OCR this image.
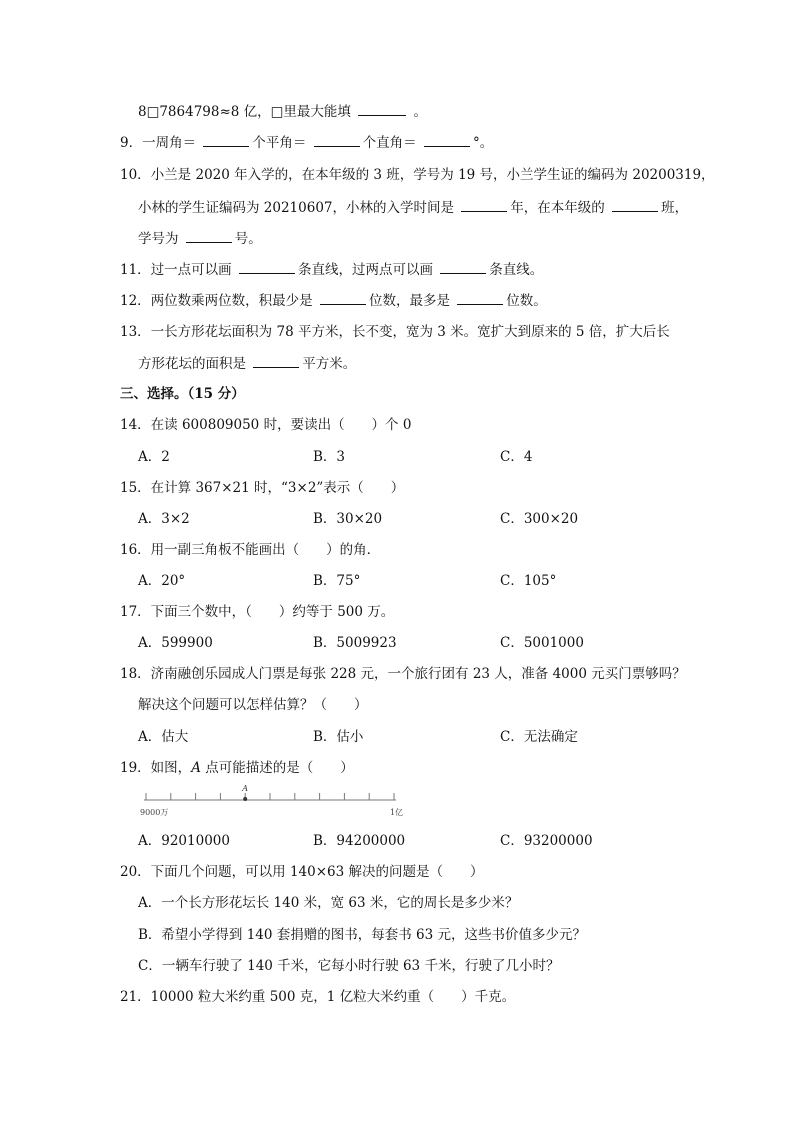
8□7864798≈8 亿，□里最大能填	。
9．一周角＝	个平角＝	个直角＝	°。
10．小兰是 2020 年入学的，在本年级的 3 班，学号为 19 号，小兰学生证的编码为 20200319，
小林的学生证编码为 20210607，小林的入学时间是	年，在本年级的	班，
学号为	号。
11．过一点可以画	条直线，过两点可以画	条直线。
12．两位数乘两位数，积最少是	位数，最多是	位数。
13．一长方形花坛面积为 78 平方米，长不变，宽为 3 米。宽扩大到原来的 5 倍，扩大后长
方形花坛的面积是	平方米。
三、选择。（15 分）
14．在读 600809050 时，要读出（　　）个 0
A．2	B．3	C．4
15．在计算 367×21 时，“3×2”表示（　　）
A．3×2	B．30×20	C．300×20
16．用一副三角板不能画出（　　）的角．
A．20°	B．75°	C．105°
17．下面三个数中，（　　）约等于 500 万。
A．599900	B．5009923	C．5001000
18．济南融创乐园成人门票是每张 228 元，一个旅行团有 23 人，准备 4000 元买门票够吗？
解决这个问题可以怎样估算？（　　）
A．估大	B．估小	C．无法确定
19．如图，A 点可能描述的是（　　）
A
9000万	1亿
A．92010000	B．94200000	C．93200000
20．下面几个问题，可以用 140×63 解决的问题是（　　）
A．一个长方形花坛长 140 米，宽 63 米，它的周长是多少米？
B．希望小学得到 140 套捐赠的图书，每套书 63 元，这些书价值多少元？
C．一辆车行驶了 140 千米，它每小时行驶 63 千米，行驶了几小时？
21．10000 粒大米约重 500 克，1 亿粒大米约重（　　）千克。
